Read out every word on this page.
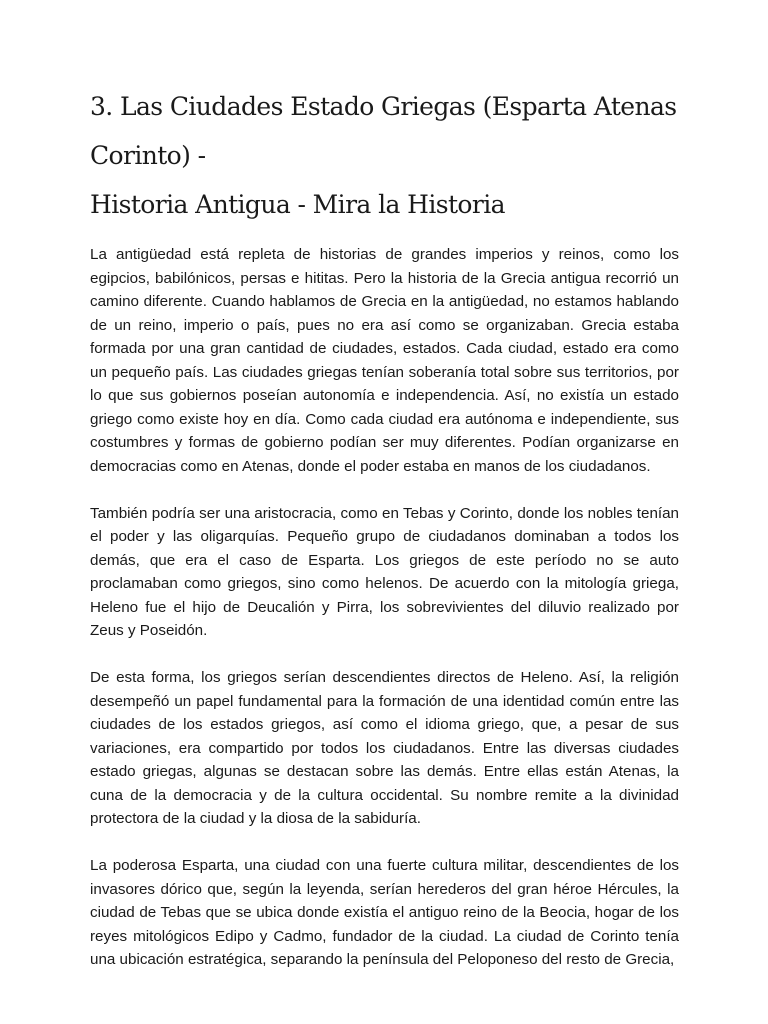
3. Las Ciudades Estado Griegas (Esparta Atenas Corinto) -
Historia Antigua - Mira la Historia

La antigüedad está repleta de historias de grandes imperios y reinos, como los egipcios, babilónicos, persas e hititas. Pero la historia de la Grecia antigua recorrió un camino diferente. Cuando hablamos de Grecia en la antigüedad, no estamos hablando de un reino, imperio o país, pues no era así como se organizaban. Grecia estaba formada por una gran cantidad de ciudades, estados. Cada ciudad, estado era como un pequeño país. Las ciudades griegas tenían soberanía total sobre sus territorios, por lo que sus gobiernos poseían autonomía e independencia. Así, no existía un estado griego como existe hoy en día. Como cada ciudad era autónoma e independiente, sus costumbres y formas de gobierno podían ser muy diferentes. Podían organizarse en democracias como en Atenas, donde el poder estaba en manos de los ciudadanos.

También podría ser una aristocracia, como en Tebas y Corinto, donde los nobles tenían el poder y las oligarquías. Pequeño grupo de ciudadanos dominaban a todos los demás, que era el caso de Esparta. Los griegos de este período no se auto proclamaban como griegos, sino como helenos. De acuerdo con la mitología griega, Heleno fue el hijo de Deucalión y Pirra, los sobrevivientes del diluvio realizado por Zeus y Poseidón.

De esta forma, los griegos serían descendientes directos de Heleno. Así, la religión desempeñó un papel fundamental para la formación de una identidad común entre las ciudades de los estados griegos, así como el idioma griego, que, a pesar de sus variaciones, era compartido por todos los ciudadanos. Entre las diversas ciudades estado griegas, algunas se destacan sobre las demás. Entre ellas están Atenas, la cuna de la democracia y de la cultura occidental. Su nombre remite a la divinidad protectora de la ciudad y la diosa de la sabiduría.

La poderosa Esparta, una ciudad con una fuerte cultura militar, descendientes de los invasores dórico que, según la leyenda, serían herederos del gran héroe Hércules, la ciudad de Tebas que se ubica donde existía el antiguo reino de la Beocia, hogar de los reyes mitológicos Edipo y Cadmo, fundador de la ciudad. La ciudad de Corinto tenía una ubicación estratégica, separando la península del Peloponeso del resto de Grecia,
